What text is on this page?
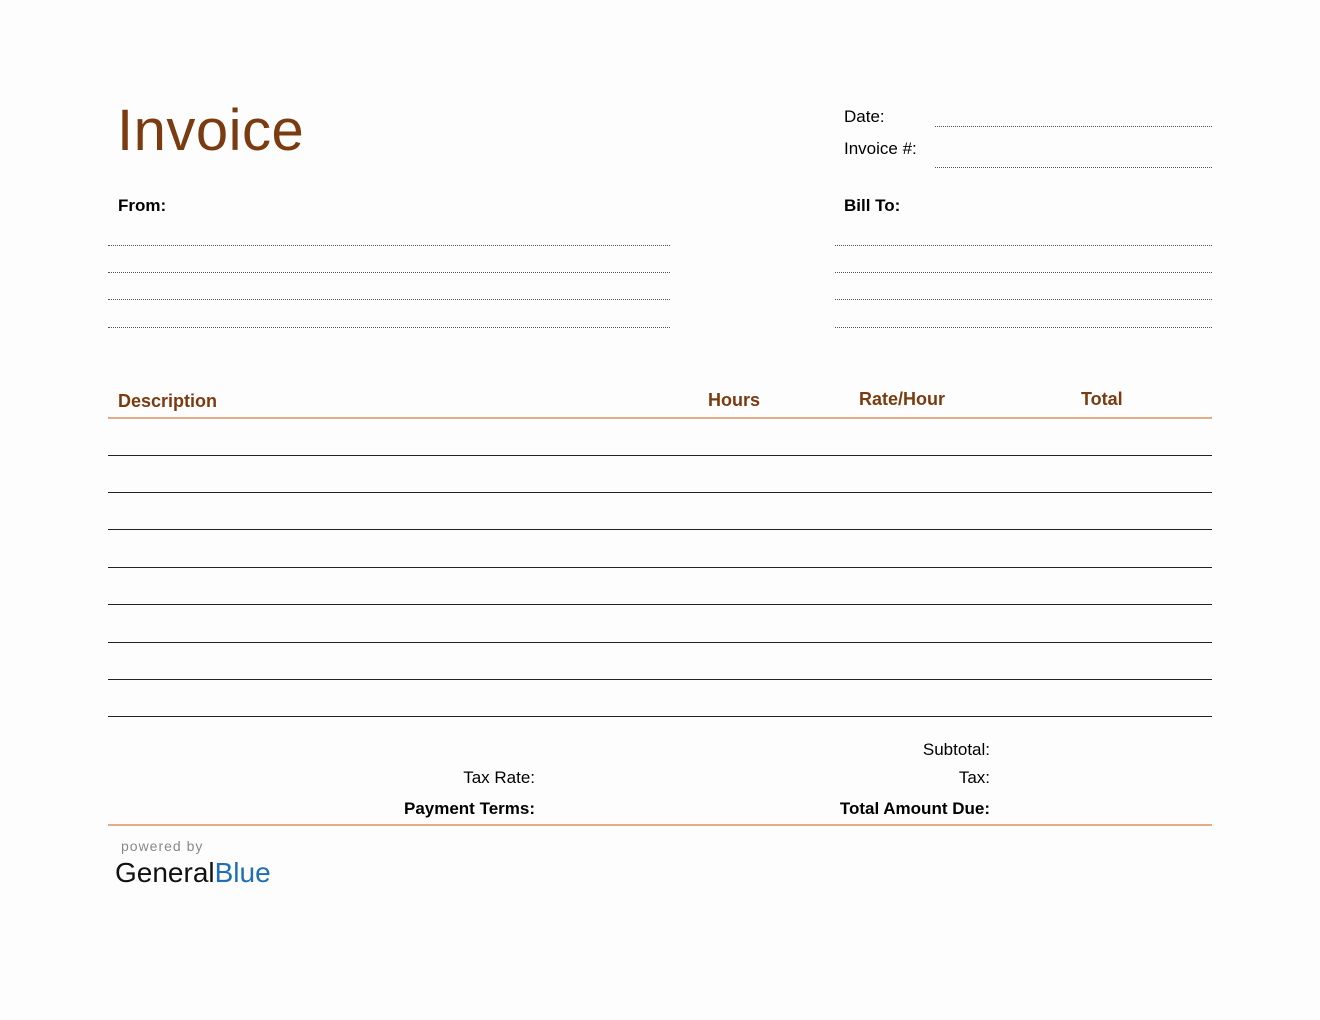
Invoice	Date:
Invoice #:
From:	Bill To:
Description	Hours	Rate/Hour	Total
Subtotal:
Tax Rate:	Tax:
Payment Terms:	Total Amount Due:
powered by
GeneralBlue
